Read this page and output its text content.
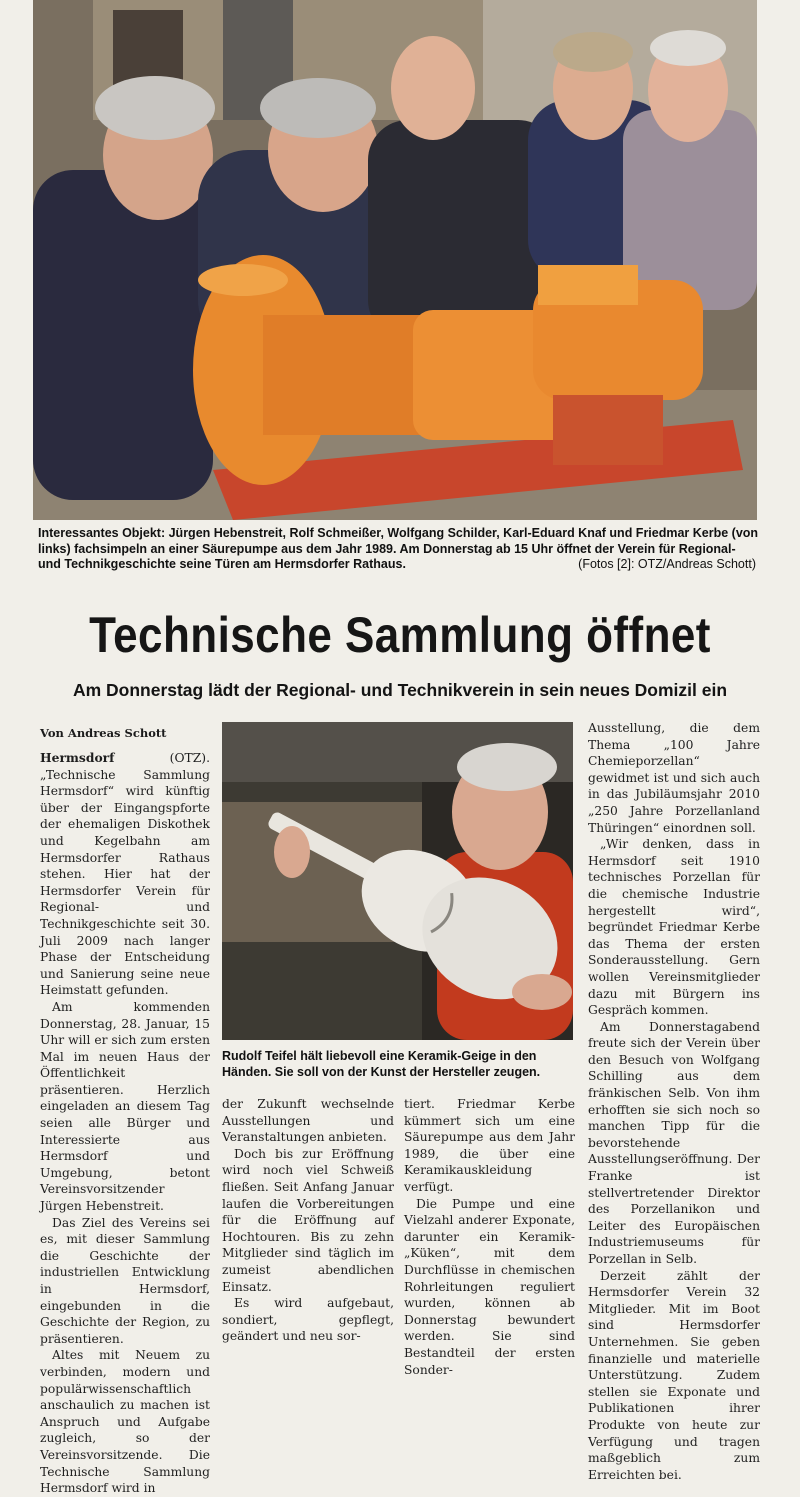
Interessantes Objekt: Jürgen Hebenstreit, Rolf Schmeißer, Wolfgang Schilder, Karl-Eduard Knaf und Friedmar Kerbe (von links) fachsimpeln an einer Säurepumpe aus dem Jahr 1989. Am Donnerstag ab 15 Uhr öffnet der Verein für Regional- und Technikgeschichte seine Türen am Hermsdorfer Rathaus.	(Fotos [2]: OTZ/Andreas Schott)

Technische Sammlung öffnet
Am Donnerstag lädt der Regional- und Technikverein in sein neues Domizil ein

Von Andreas Schott

Hermsdorf (OTZ). „Technische Sammlung Hermsdorf“ wird künftig über der Eingangspforte der ehemaligen Diskothek und Kegelbahn am Hermsdorfer Rathaus stehen. Hier hat der Hermsdorfer Verein für Regional- und Technikgeschichte seit 30. Juli 2009 nach langer Phase der Entscheidung und Sanierung seine neue Heimstatt gefunden.

Am kommenden Donnerstag, 28. Januar, 15 Uhr will er sich zum ersten Mal im neuen Haus der Öffentlichkeit präsentieren. Herzlich eingeladen an diesem Tag seien alle Bürger und Interessierte aus Hermsdorf und Umgebung, betont Vereinsvorsitzender Jürgen Hebenstreit.

Das Ziel des Vereins sei es, mit dieser Sammlung die Geschichte der industriellen Entwicklung in Hermsdorf, eingebunden in die Geschichte der Region, zu präsentieren.

Altes mit Neuem zu verbinden, modern und populärwissenschaftlich anschaulich zu machen ist Anspruch und Aufgabe zugleich, so der Vereinsvorsitzende. Die Technische Sammlung Hermsdorf wird in

Rudolf Teifel hält liebevoll eine Keramik-Geige in den Händen. Sie soll von der Kunst der Hersteller zeugen.

der Zukunft wechselnde Ausstellungen und Veranstaltungen anbieten.

Doch bis zur Eröffnung wird noch viel Schweiß fließen. Seit Anfang Januar laufen die Vorbereitungen für die Eröffnung auf Hochtouren. Bis zu zehn Mitglieder sind täglich im zumeist abendlichen Einsatz.

Es wird aufgebaut, sondiert, gepflegt, geändert und neu sor-

tiert. Friedmar Kerbe kümmert sich um eine Säurepumpe aus dem Jahr 1989, die über eine Keramikauskleidung verfügt.

Die Pumpe und eine Vielzahl anderer Exponate, darunter ein Keramik-„Küken“, mit dem Durchflüsse in chemischen Rohrleitungen reguliert wurden, können ab Donnerstag bewundert werden. Sie sind Bestandteil der ersten Sonder-

Ausstellung, die dem Thema „100 Jahre Chemieporzellan“ gewidmet ist und sich auch in das Jubiläumsjahr 2010 „250 Jahre Porzellanland Thüringen“ einordnen soll.

„Wir denken, dass in Hermsdorf seit 1910 technisches Porzellan für die chemische Industrie hergestellt wird“, begründet Friedmar Kerbe das Thema der ersten Sonderausstellung. Gern wollen Vereinsmitglieder dazu mit Bürgern ins Gespräch kommen.

Am Donnerstagabend freute sich der Verein über den Besuch von Wolfgang Schilling aus dem fränkischen Selb. Von ihm erhofften sie sich noch so manchen Tipp für die bevorstehende Ausstellungseröffnung. Der Franke ist stellvertretender Direktor des Porzellanikon und Leiter des Europäischen Industriemuseums für Porzellan in Selb.

Derzeit zählt der Hermsdorfer Verein 32 Mitglieder. Mit im Boot sind Hermsdorfer Unternehmen. Sie geben finanzielle und materielle Unterstützung. Zudem stellen sie Exponate und Publikationen ihrer Produkte von heute zur Verfügung und tragen maßgeblich zum Erreichten bei.
